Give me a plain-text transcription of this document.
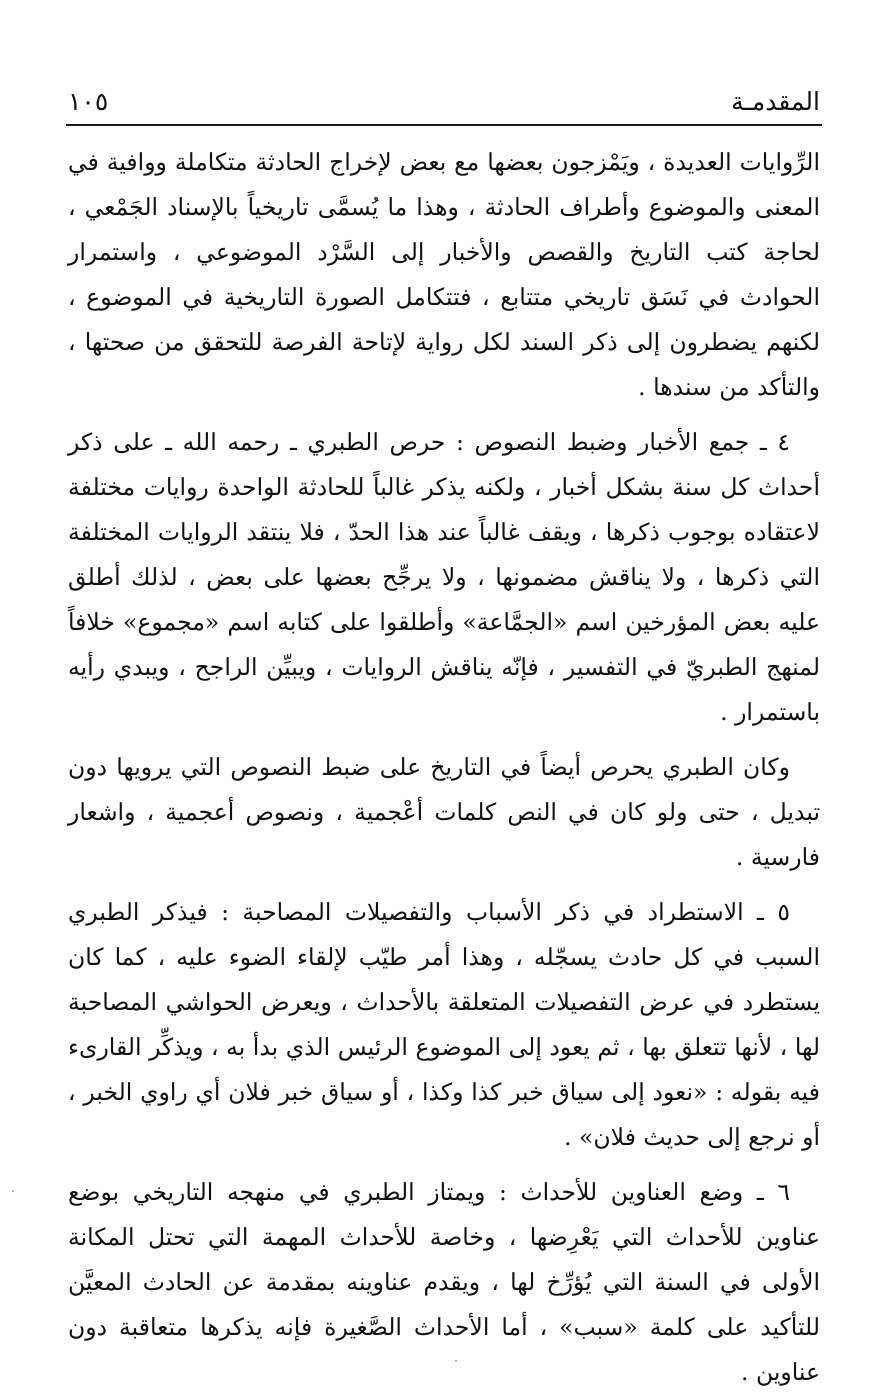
المقدمـة
١٠٥

الرِّوايات العديدة ، ويَمْزجون بعضها مع بعض لإخراج الحادثة متكاملة ووافية في المعنى والموضوع وأطراف الحادثة ، وهذا ما يُسمَّى تاريخياً بالإسناد الجَمْعي ، لحاجة كتب التاريخ والقصص والأخبار إلى السَّرْد الموضوعي ، واستمرار الحوادث في نَسَق تاريخي متتابع ، فتتكامل الصورة التاريخية في الموضوع ، لكنهم يضطرون إلى ذكر السند لكل رواية لإتاحة الفرصة للتحقق من صحتها ، والتأكد من سندها .

٤ ـ جمع الأخبار وضبط النصوص : حرص الطبري ـ رحمه الله ـ على ذكر أحداث كل سنة بشكل أخبار ، ولكنه يذكر غالباً للحادثة الواحدة روايات مختلفة لاعتقاده بوجوب ذكرها ، ويقف غالباً عند هذا الحدّ ، فلا ينتقد الروايات المختلفة التي ذكرها ، ولا يناقش مضمونها ، ولا يرجِّح بعضها على بعض ، لذلك أطلق عليه بعض المؤرخين اسم «الجمَّاعة» وأطلقوا على كتابه اسم «مجموع» خلافاً لمنهج الطبريّ في التفسير ، فإنّه يناقش الروايات ، ويبيِّن الراجح ، ويبدي رأيه باستمرار .

وكان الطبري يحرص أيضاً في التاريخ على ضبط النصوص التي يرويها دون تبديل ، حتى ولو كان في النص كلمات أعْجمية ، ونصوص أعجمية ، واشعار فارسية .

٥ ـ الاستطراد في ذكر الأسباب والتفصيلات المصاحبة : فيذكر الطبري السبب في كل حادث يسجّله ، وهذا أمر طيّب لإلقاء الضوء عليه ، كما كان يستطرد في عرض التفصيلات المتعلقة بالأحداث ، ويعرض الحواشي المصاحبة لها ، لأنها تتعلق بها ، ثم يعود إلى الموضوع الرئيس الذي بدأ به ، ويذكِّر القارىء فيه بقوله : «نعود إلى سياق خبر كذا وكذا ، أو سياق خبر فلان أي راوي الخبر ، أو نرجع إلى حديث فلان» .

٦ ـ وضع العناوين للأحداث : ويمتاز الطبري في منهجه التاريخي بوضع عناوين للأحداث التي يَعْرِضها ، وخاصة للأحداث المهمة التي تحتل المكانة الأولى في السنة التي يُؤرِّخ لها ، ويقدم عناوينه بمقدمة عن الحادث المعيَّن للتأكيد على كلمة «سبب» ، أما الأحداث الصَّغيرة فإنه يذكرها متعاقبة دون عناوين .
